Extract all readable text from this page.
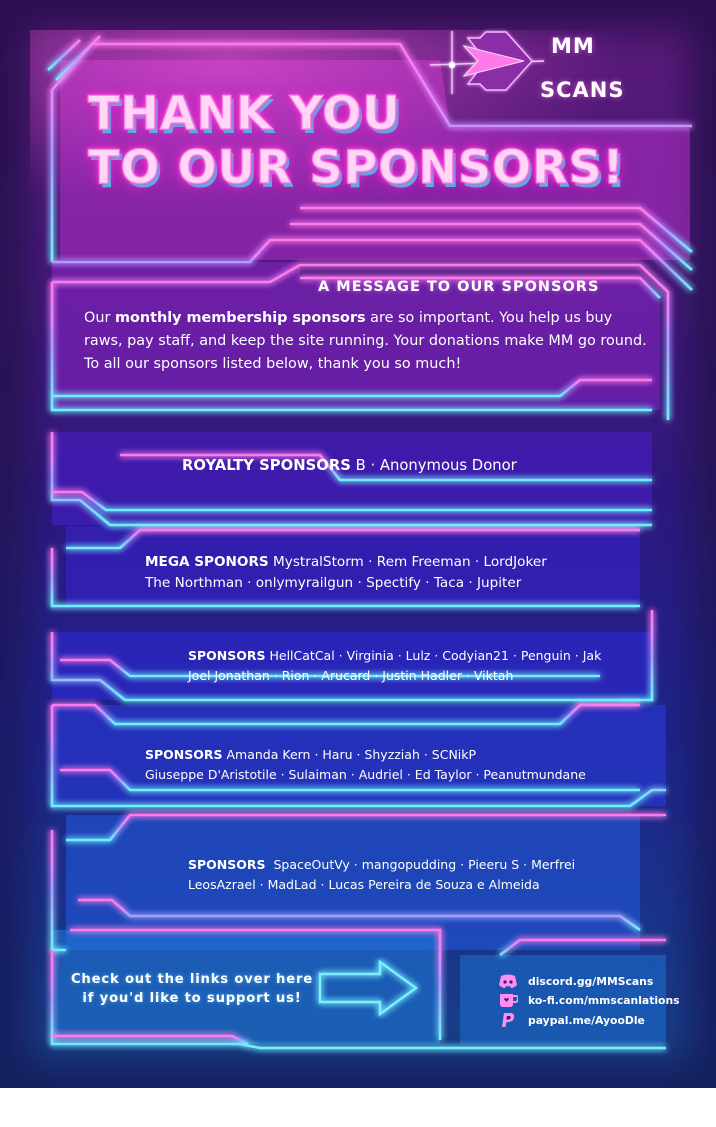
MM
SCANS
THANK YOU
TO OUR SPONSORS!
A MESSAGE TO OUR SPONSORS
Our monthly membership sponsors are so important. You help us buy raws, pay staff, and keep the site running. Your donations make MM go round. To all our sponsors listed below, thank you so much!
ROYALTY SPONSORS B · Anonymous Donor
MEGA SPONORS MystralStorm · Rem Freeman · LordJoker
The Northman · onlymyrailgun · Spectify · Taca · Jupiter
SPONSORS HellCatCal · Virginia · Lulz · Codyian21 · Penguin · Jak
Joel Jonathan · Rion · Arucard · Justin Hadler · Viktah
SPONSORS Amanda Kern · Haru · Shyzziah · SCNikP
Giuseppe D'Aristotile · Sulaiman · Audriel · Ed Taylor · Peanutmundane
SPONSORS  SpaceOutVy · mangopudding · Pieeru S · Merfrei
LeosAzrael · MadLad · Lucas Pereira de Souza e Almeida
Check out the links over here
if you'd like to support us!
discord.gg/MMScans
ko-fi.com/mmscanlations
paypal.me/AyooDle
